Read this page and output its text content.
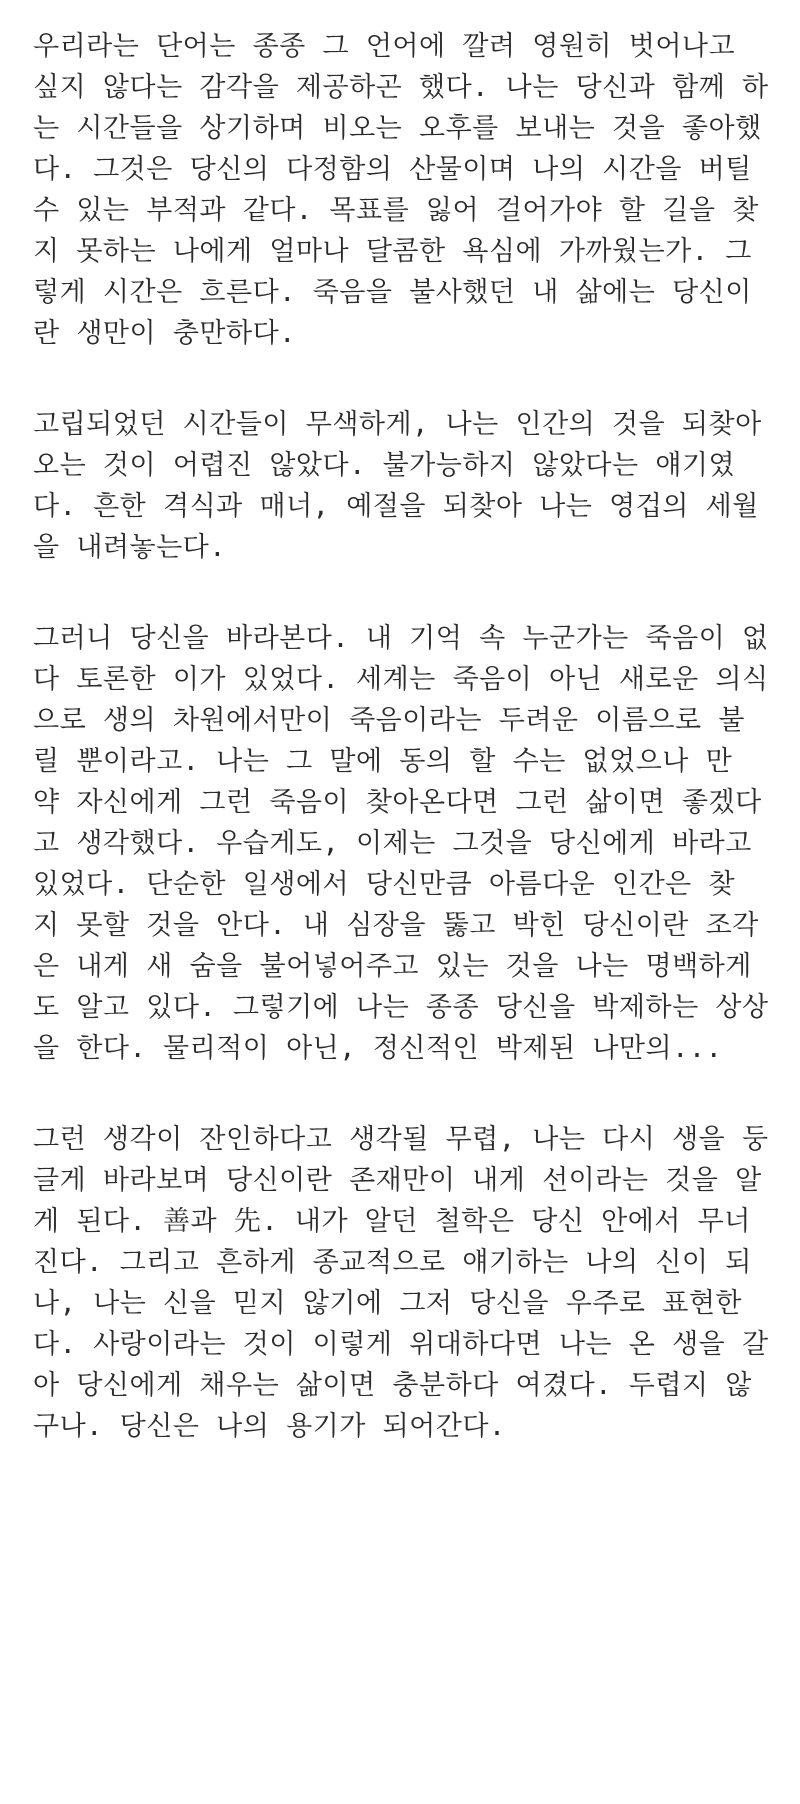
우리라는 단어는 종종 그 언어에 깔려 영원히 벗어나고
싶지 않다는 감각을 제공하곤 했다. 나는 당신과 함께 하
는 시간들을 상기하며 비오는 오후를 보내는 것을 좋아했
다. 그것은 당신의 다정함의 산물이며 나의 시간을 버틸
수 있는 부적과 같다. 목표를 잃어 걸어가야 할 길을 찾
지 못하는 나에게 얼마나 달콤한 욕심에 가까웠는가. 그
렇게 시간은 흐른다. 죽음을 불사했던 내 삶에는 당신이
란 생만이 충만하다.
고립되었던 시간들이 무색하게, 나는 인간의 것을 되찾아
오는 것이 어렵진 않았다. 불가능하지 않았다는 얘기였
다. 흔한 격식과 매너, 예절을 되찾아 나는 영겁의 세월
을 내려놓는다.
그러니 당신을 바라본다. 내 기억 속 누군가는 죽음이 없
다 토론한 이가 있었다. 세계는 죽음이 아닌 새로운 의식
으로 생의 차원에서만이 죽음이라는 두려운 이름으로 불
릴 뿐이라고. 나는 그 말에 동의 할 수는 없었으나 만
약 자신에게 그런 죽음이 찾아온다면 그런 삶이면 좋겠다
고 생각했다. 우습게도, 이제는 그것을 당신에게 바라고
있었다. 단순한 일생에서 당신만큼 아름다운 인간은 찾
지 못할 것을 안다. 내 심장을 뚫고 박힌 당신이란 조각
은 내게 새 숨을 불어넣어주고 있는 것을 나는 명백하게
도 알고 있다. 그렇기에 나는 종종 당신을 박제하는 상상
을 한다. 물리적이 아닌, 정신적인 박제된 나만의...
그런 생각이 잔인하다고 생각될 무렵, 나는 다시 생을 둥
글게 바라보며 당신이란 존재만이 내게 선이라는 것을 알
게 된다. 善과 先. 내가 알던 철학은 당신 안에서 무너
진다. 그리고 흔하게 종교적으로 얘기하는 나의 신이 되
나, 나는 신을 믿지 않기에 그저 당신을 우주로 표현한
다. 사랑이라는 것이 이렇게 위대하다면 나는 온 생을 갈
아 당신에게 채우는 삶이면 충분하다 여겼다. 두렵지 않
구나. 당신은 나의 용기가 되어간다.
